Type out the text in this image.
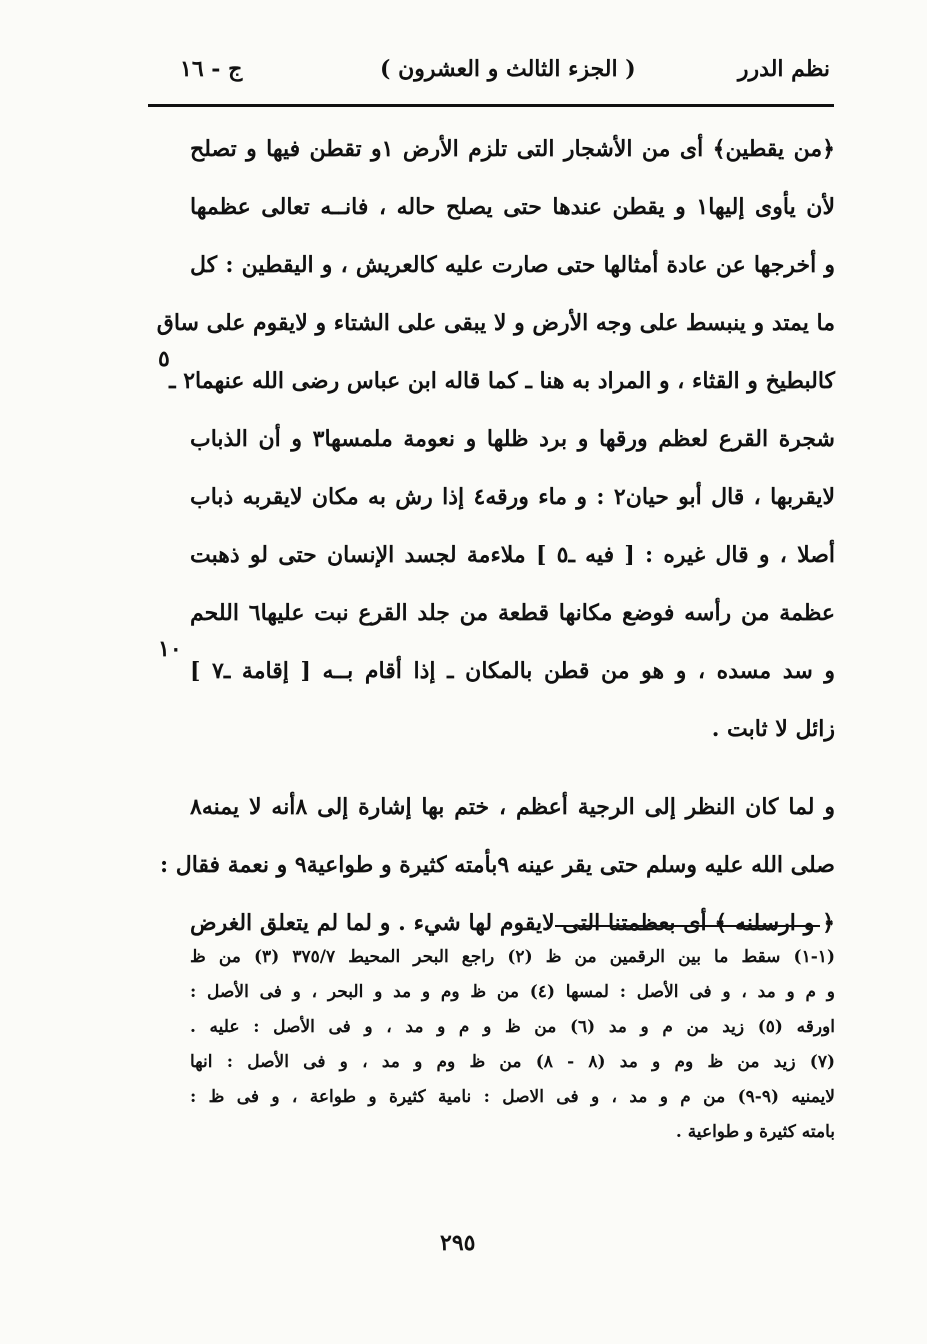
ج - ١٦	( الجزء الثالث و العشرون )	نظم الدرر
﴿من يقطين﴾ أى من الأشجار التى تلزم الأرض ١و تقطن فيها و تصلح
لأن يأوى إليها١ و يقطن عندها حتى يصلح حاله ، فانــه تعالى عظمها
و أخرجها عن عادة أمثالها حتى صارت عليه كالعريش ، و اليقطين : كل
ما يمتد و ينبسط على وجه الأرض و لا يبقى على الشتاء و لايقوم على ساق
كالبطيخ و القثاء ، و المراد به هنا ـ كما قاله ابن عباس رضى الله عنهما٢ ـ
شجرة القرع لعظم ورقها و برد ظلها و نعومة ملمسها٣ و أن الذباب
لايقربها ، قال أبو حيان٢ : و ماء ورقه٤ إذا رش به مكان لايقربه ذباب
أصلا ، و قال غيره : [ فيه ـ٥ ] ملاءمة لجسد الإنسان حتى لو ذهبت
عظمة من رأسه فوضع مكانها قطعة من جلد القرع نبت عليها٦ اللحم
و سد مسده ، و هو من قطن بالمكان ـ إذا أقام بــه [ إقامة ـ٧ ]
زائل لا ثابت .
و لما كان النظر إلى الرجية أعظم ، ختم بها إشارة إلى ٨أنه لا يمنه٨
صلى الله عليه وسلم حتى يقر عينه ٩بأمته كثيرة و طواعية٩ و نعمة فقال :
﴿ و ارسلنه ﴾ أى بعظمتنا التى لايقوم لها شيء . و لما لم يتعلق الغرض
٥
١٠
(١-١) سقط ما بين الرقمين من ظ (٢) راجع البحر المحيط ٣٧٥/٧ (٣) من ظ
و م و مد ، و فى الأصل : لمسها (٤) من ظ وم و مد و البحر ، و فى الأصل :
اورقه (٥) زيد من م و مد (٦) من ظ و م و مد ، و فى الأصل : عليه .
(٧) زيد من ظ وم و مد (٨ - ٨) من ظ وم و مد ، و فى الأصل : انها
لايمنيه (٩-٩) من م و مد ، و فى الاصل : نامية كثيرة و طواعة ، و فى ظ :
بامته كثيرة و طواعية .
٢٩٥
